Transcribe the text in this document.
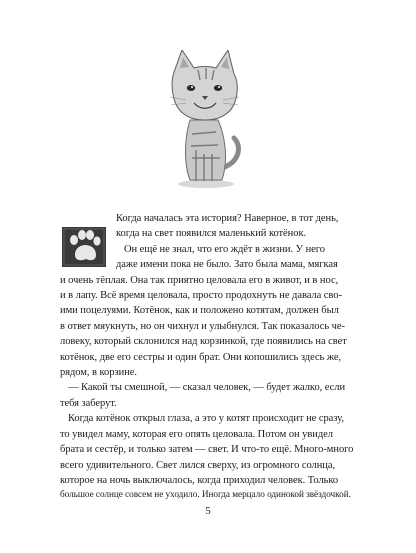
Когда началась эта история? Наверное, в тот день,
когда на свет появился маленький котёнок.
Он ещё не знал, что его ждёт в жизни. У него
даже имени пока не было. Зато была мама, мягкая
и очень тёплая. Она так приятно целовала его в живот, и в нос,
и в лапу. Всё время целовала, просто продохнуть не давала сво-
ими поцелуями. Котёнок, как и положено котятам, должен был
в ответ мяукнуть, но он чихнул и улыбнулся. Так показалось че-
ловеку, который склонился над корзинкой, где появились на свет
котёнок, две его сестры и один брат. Они копошились здесь же,
рядом, в корзине.
— Какой ты смешной, — сказал человек, — будет жалко, если
тебя заберут.
Когда котёнок открыл глаза, а это у котят происходит не сразу,
то увидел маму, которая его опять целовала. Потом он увидел
брата и сестёр, и только затем — свет. И что-то ещё. Много-много
всего удивительного. Свет лился сверху, из огромного солнца,
которое на ночь выключалось, когда приходил человек. Только
большое солнце совсем не уходило. Иногда мерцало одинокой звёздочкой.
5
